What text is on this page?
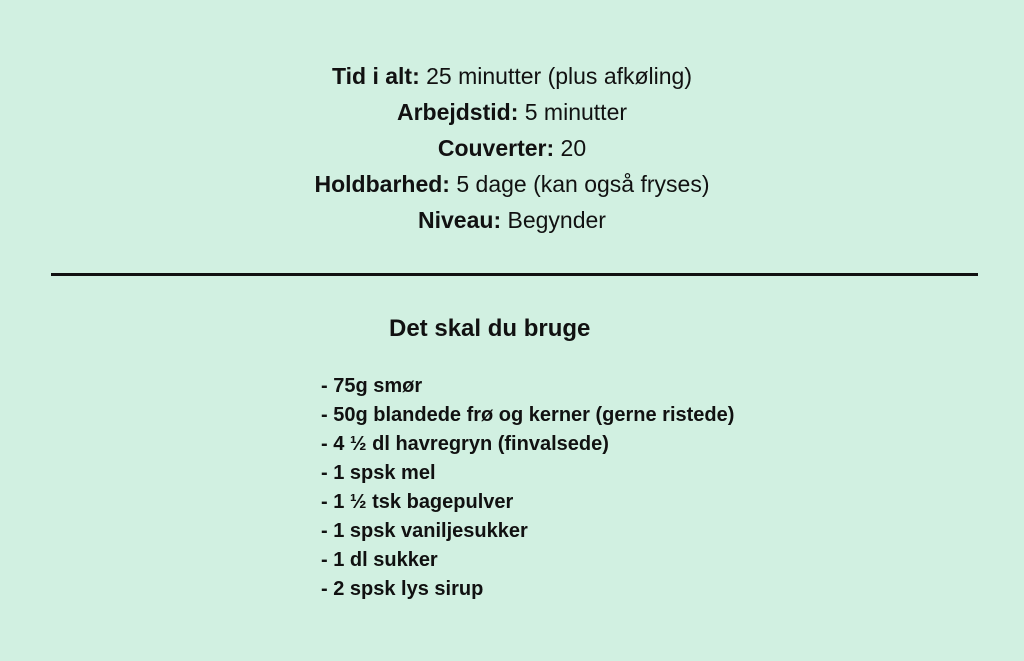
Tid i alt: 25 minutter (plus afkøling)
Arbejdstid: 5 minutter
Couverter: 20
Holdbarhed: 5 dage (kan også fryses)
Niveau: Begynder
Det skal du bruge
- 75g smør
- 50g blandede frø og kerner (gerne ristede)
- 4 ½ dl havregryn (finvalsede)
- 1 spsk mel
- 1 ½ tsk bagepulver
- 1 spsk vaniljesukker
- 1 dl sukker
- 2 spsk lys sirup
